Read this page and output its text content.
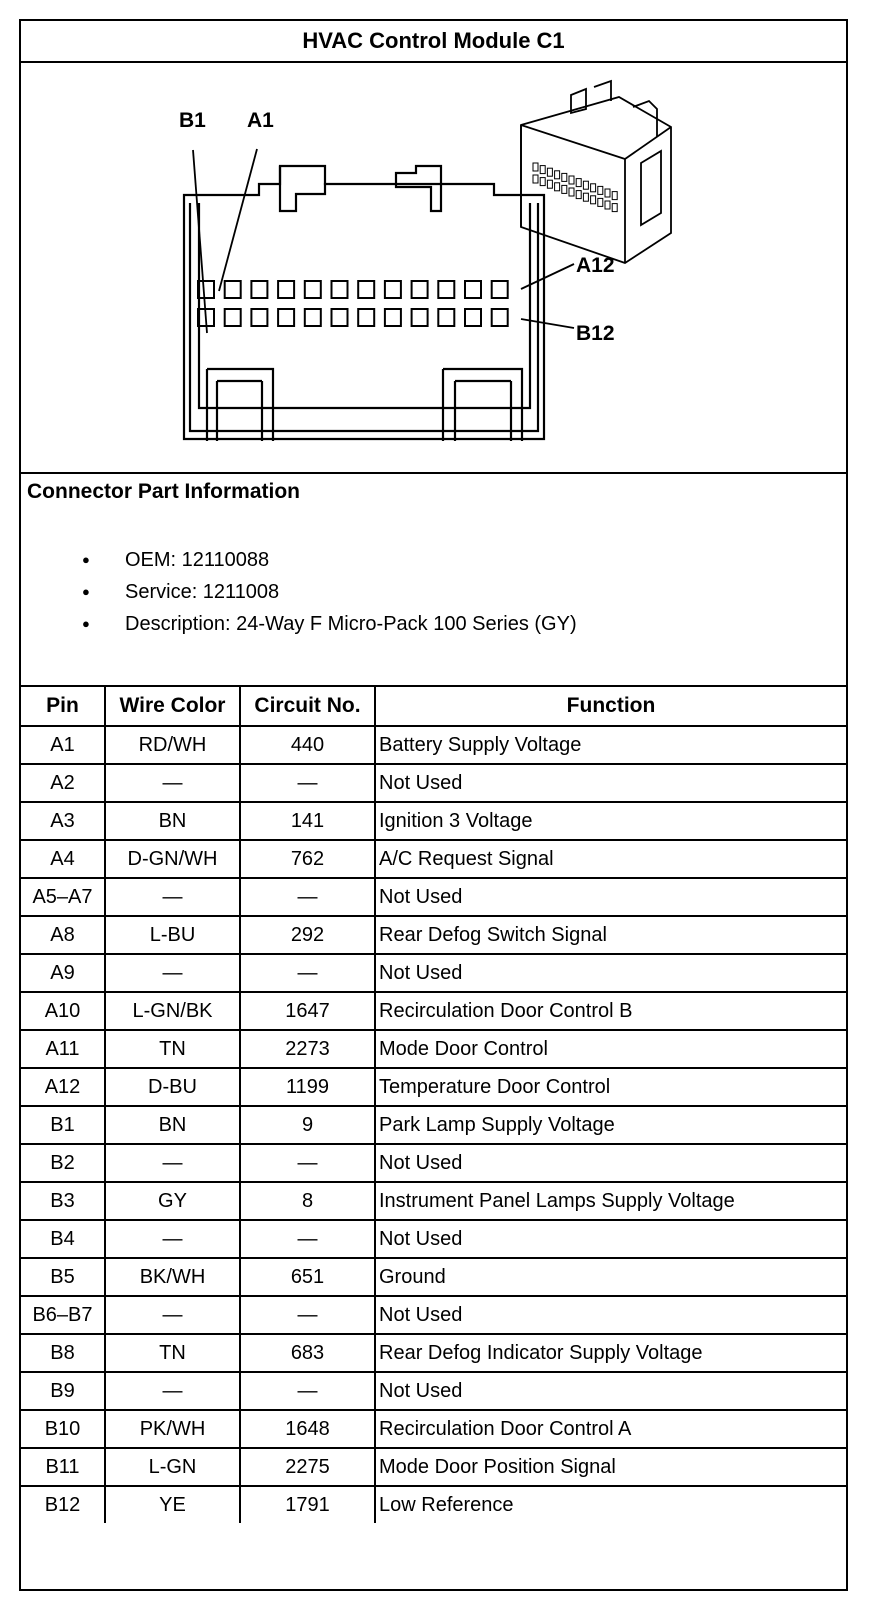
HVAC Control Module C1
B1 A1
A12
B12

Connector Part Information

● OEM: 12110088
● Service: 1211008
● Description: 24-Way F Micro-Pack 100 Series (GY)
Pin	Wire Color	Circuit No.	Function
A1	RD/WH	440	Battery Supply Voltage
A2	—	—	Not Used
A3	BN	141	Ignition 3 Voltage
A4	D-GN/WH	762	A/C Request Signal
A5–A7	—	—	Not Used
A8	L-BU	292	Rear Defog Switch Signal
A9	—	—	Not Used
A10	L-GN/BK	1647	Recirculation Door Control B
A11	TN	2273	Mode Door Control
A12	D-BU	1199	Temperature Door Control
B1	BN	9	Park Lamp Supply Voltage
B2	—	—	Not Used
B3	GY	8	Instrument Panel Lamps Supply Voltage
B4	—	—	Not Used
B5	BK/WH	651	Ground
B6–B7	—	—	Not Used
B8	TN	683	Rear Defog Indicator Supply Voltage
B9	—	—	Not Used
B10	PK/WH	1648	Recirculation Door Control A
B11	L-GN	2275	Mode Door Position Signal
B12	YE	1791	Low Reference
